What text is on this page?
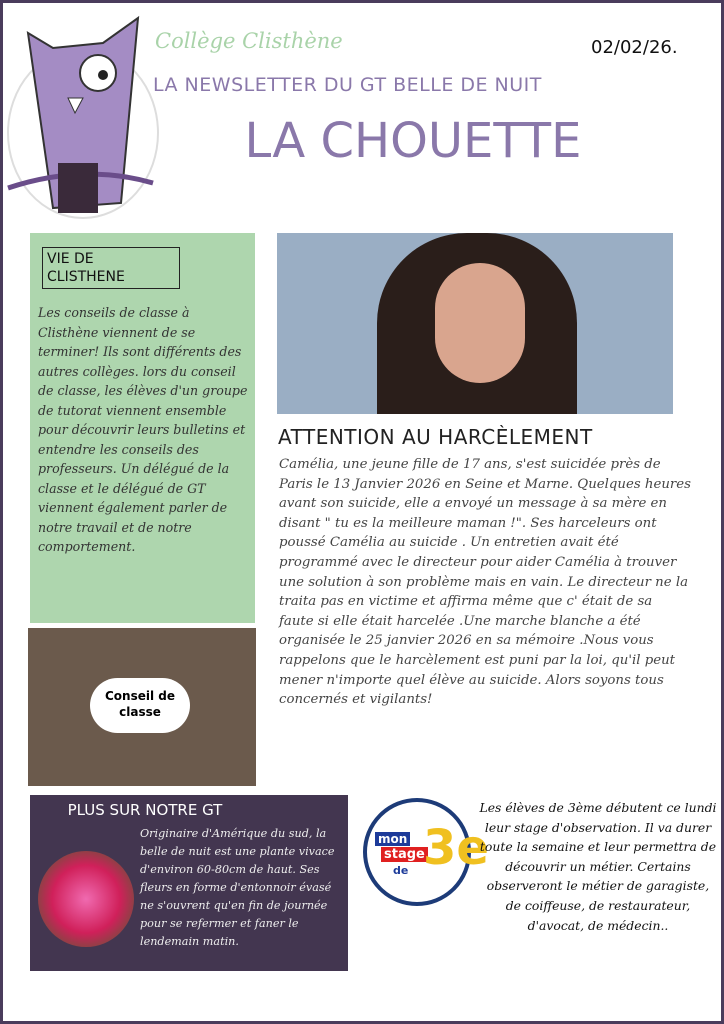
Collège Clisthène	02/02/26.
LA NEWSLETTER DU GT BELLE DE NUIT
LA CHOUETTE
VIE DE CLISTHENE
Les conseils de classe à Clisthène viennent de se terminer! Ils sont différents des autres collèges. lors du conseil de classe, les élèves d'un groupe de tutorat viennent ensemble pour découvrir leurs bulletins et entendre les conseils des professeurs. Un délégué de la classe et le délégué de GT viennent également parler de notre travail et de notre comportement.
Conseil de classe
ATTENTION AU HARCÈLEMENT
Camélia, une jeune fille de 17 ans, s'est suicidée près de Paris le 13 Janvier 2026 en Seine et Marne. Quelques heures avant son suicide, elle a envoyé un message à sa mère en disant " tu es la meilleure maman !". Ses harceleurs ont poussé Camélia au suicide . Un entretien avait été programmé avec le directeur pour aider Camélia à trouver une solution à son problème mais en vain. Le directeur ne la traita pas en victime et affirma même que c' était de sa faute si elle était harcelée .Une marche blanche a été organisée le 25 janvier 2026 en sa mémoire .Nous vous rappelons que le harcèlement est puni par la loi, qu'il peut mener n'importe quel élève au suicide. Alors soyons tous concernés et vigilants!
PLUS SUR NOTRE GT
Originaire d'Amérique du sud, la belle de nuit est une plante vivace d'environ 60-80cm de haut. Ses fleurs en forme d'entonnoir évasé ne s'ouvrent qu'en fin de journée pour se refermer et faner le lendemain matin.
mon
stage
de 3e
Les élèves de 3ème débutent ce lundi leur stage d'observation. Il va durer toute la semaine et leur permettra de découvrir un métier. Certains observeront le métier de garagiste, de coiffeuse, de restaurateur, d'avocat, de médecin..
